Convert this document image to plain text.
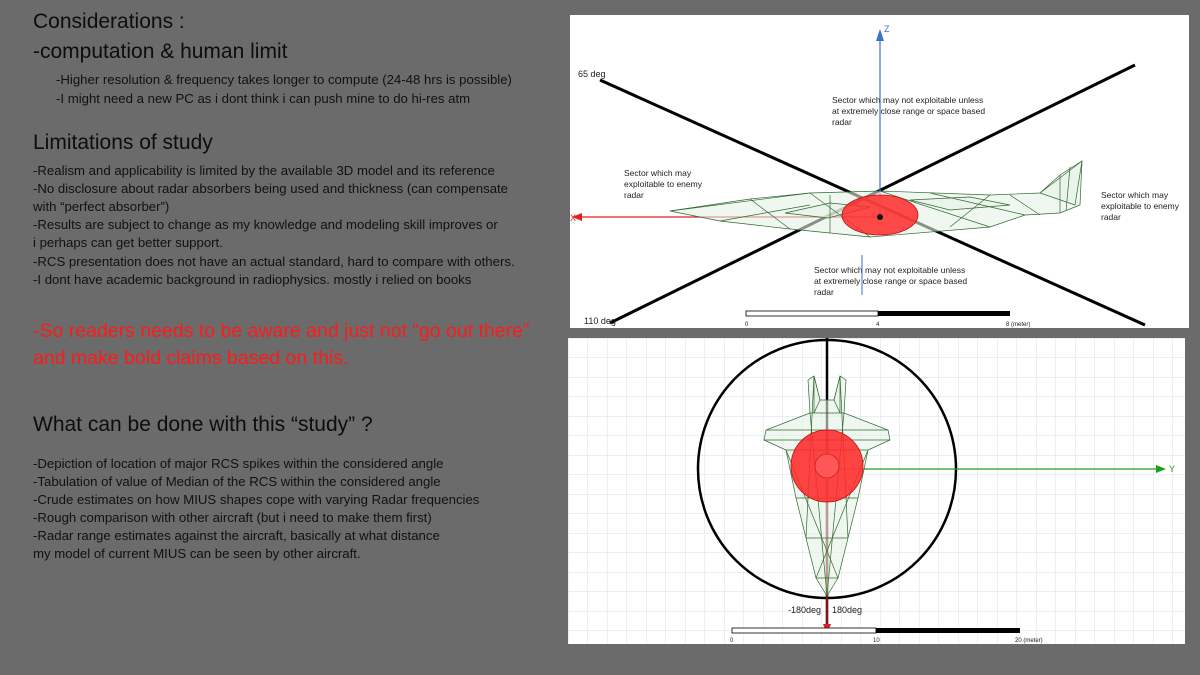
Considerations :
-computation & human limit
-Higher resolution & frequency takes longer to compute (24-48 hrs is possible)
-I might need a new PC as i dont think i can push mine to do hi-res atm
Limitations of study
-Realism and applicability is limited by the available 3D model and its reference
-No disclosure about radar absorbers being used and thickness (can compensate
with “perfect absorber”)
-Results are subject to change as my knowledge and modeling skill improves or
i perhaps can get better support.
-RCS presentation does not have an actual standard, hard to compare with others.
-I dont have academic background in radiophysics. mostly i relied on books
-So readers needs to be aware and just not “go out there”
and make bold claims based on this.
What can be done with this “study” ?
-Depiction of location of major RCS spikes within the considered angle
-Tabulation of value of Median of the RCS within the considered angle
-Crude estimates on how MIUS shapes cope with varying Radar frequencies
-Rough comparison with other aircraft (but i need to make them first)
-Radar range estimates against the aircraft, basically at what distance
my model of current MIUS can be seen by other aircraft.
Z
X
65 deg
110 deg
Sector which may not exploitable unless
at extremely close range or space based
radar
Sector which may
exploitable to enemy
radar	Sector which may
exploitable to enemy
radar
Sector which may not exploitable unless
at extremely close range or space based
radar
0	4	8 (meter)
Y
-180deg 180deg
0	10	20 (meter)
